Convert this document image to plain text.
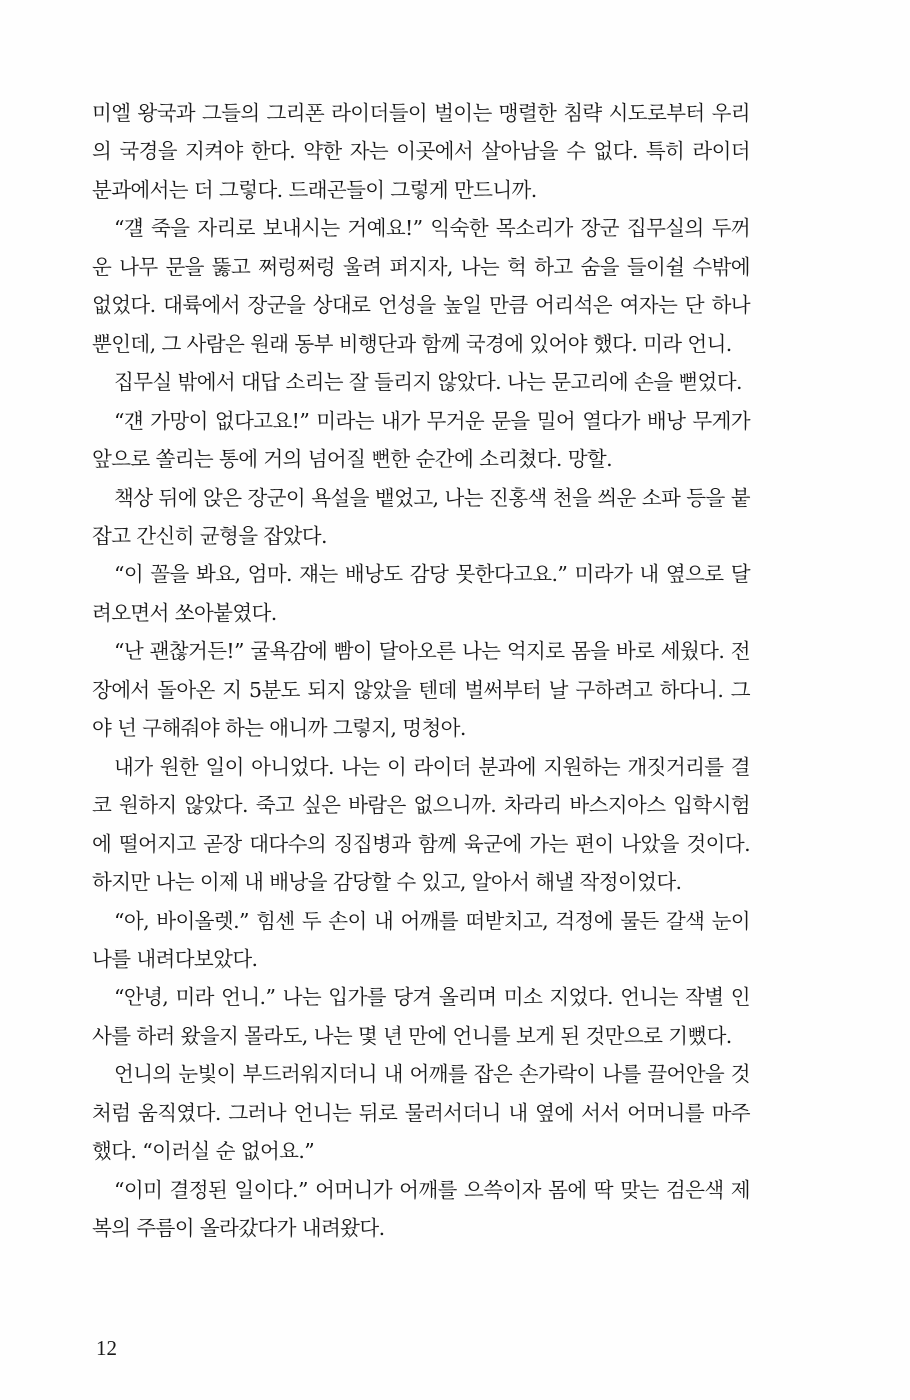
미엘 왕국과 그들의 그리폰 라이더들이 벌이는 맹렬한 침략 시도로부터 우리의 국경을 지켜야 한다. 약한 자는 이곳에서 살아남을 수 없다. 특히 라이더 분과에서는 더 그렇다. 드래곤들이 그렇게 만드니까.

“걜 죽을 자리로 보내시는 거예요!” 익숙한 목소리가 장군 집무실의 두꺼운 나무 문을 뚫고 쩌렁쩌렁 울려 퍼지자, 나는 헉 하고 숨을 들이쉴 수밖에 없었다. 대륙에서 장군을 상대로 언성을 높일 만큼 어리석은 여자는 단 하나뿐인데, 그 사람은 원래 동부 비행단과 함께 국경에 있어야 했다. 미라 언니.

집무실 밖에서 대답 소리는 잘 들리지 않았다. 나는 문고리에 손을 뻗었다.

“걘 가망이 없다고요!” 미라는 내가 무거운 문을 밀어 열다가 배낭 무게가 앞으로 쏠리는 통에 거의 넘어질 뻔한 순간에 소리쳤다. 망할.

책상 뒤에 앉은 장군이 욕설을 뱉었고, 나는 진홍색 천을 씌운 소파 등을 붙잡고 간신히 균형을 잡았다.

“이 꼴을 봐요, 엄마. 쟤는 배낭도 감당 못한다고요.” 미라가 내 옆으로 달려오면서 쏘아붙였다.

“난 괜찮거든!” 굴욕감에 빰이 달아오른 나는 억지로 몸을 바로 세웠다. 전장에서 돌아온 지 5분도 되지 않았을 텐데 벌써부터 날 구하려고 하다니. 그야 넌 구해줘야 하는 애니까 그렇지, 멍청아.

내가 원한 일이 아니었다. 나는 이 라이더 분과에 지원하는 개짓거리를 결코 원하지 않았다. 죽고 싶은 바람은 없으니까. 차라리 바스지아스 입학시험에 떨어지고 곧장 대다수의 징집병과 함께 육군에 가는 편이 나았을 것이다. 하지만 나는 이제 내 배낭을 감당할 수 있고, 알아서 해낼 작정이었다.

“아, 바이올렛.” 힘센 두 손이 내 어깨를 떠받치고, 걱정에 물든 갈색 눈이 나를 내려다보았다.

“안녕, 미라 언니.” 나는 입가를 당겨 올리며 미소 지었다. 언니는 작별 인사를 하러 왔을지 몰라도, 나는 몇 년 만에 언니를 보게 된 것만으로 기뻤다.

언니의 눈빛이 부드러워지더니 내 어깨를 잡은 손가락이 나를 끌어안을 것처럼 움직였다. 그러나 언니는 뒤로 물러서더니 내 옆에 서서 어머니를 마주했다. “이러실 순 없어요.”

“이미 결정된 일이다.” 어머니가 어깨를 으쓱이자 몸에 딱 맞는 검은색 제복의 주름이 올라갔다가 내려왔다.

12
